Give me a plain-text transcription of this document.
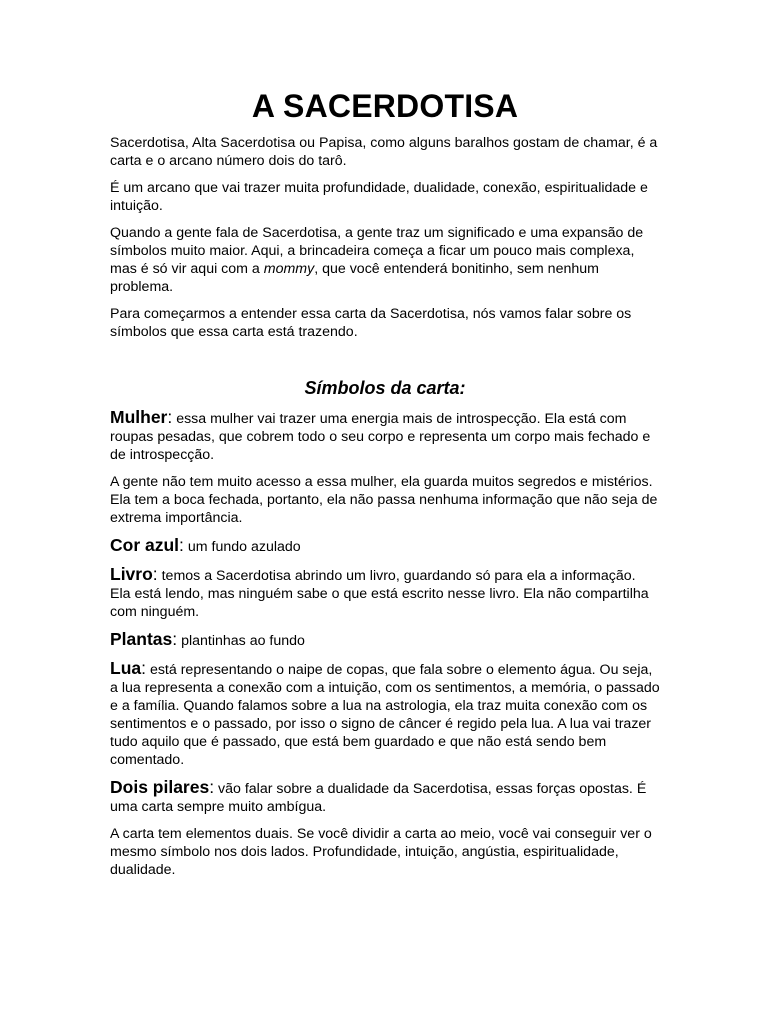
A SACERDOTISA

Sacerdotisa, Alta Sacerdotisa ou Papisa, como alguns baralhos gostam de chamar, é a carta e o arcano número dois do tarô.

É um arcano que vai trazer muita profundidade, dualidade, conexão, espiritualidade e intuição.

Quando a gente fala de Sacerdotisa, a gente traz um significado e uma expansão de símbolos muito maior. Aqui, a brincadeira começa a ficar um pouco mais complexa, mas é só vir aqui com a mommy, que você entenderá bonitinho, sem nenhum problema.

Para começarmos a entender essa carta da Sacerdotisa, nós vamos falar sobre os símbolos que essa carta está trazendo.

Símbolos da carta:

Mulher: essa mulher vai trazer uma energia mais de introspecção. Ela está com roupas pesadas, que cobrem todo o seu corpo e representa um corpo mais fechado e de introspecção.

A gente não tem muito acesso a essa mulher, ela guarda muitos segredos e mistérios. Ela tem a boca fechada, portanto, ela não passa nenhuma informação que não seja de extrema importância.

Cor azul: um fundo azulado

Livro: temos a Sacerdotisa abrindo um livro, guardando só para ela a informação. Ela está lendo, mas ninguém sabe o que está escrito nesse livro. Ela não compartilha com ninguém.

Plantas: plantinhas ao fundo

Lua: está representando o naipe de copas, que fala sobre o elemento água. Ou seja, a lua representa a conexão com a intuição, com os sentimentos, a memória, o passado e a família. Quando falamos sobre a lua na astrologia, ela traz muita conexão com os sentimentos e o passado, por isso o signo de câncer é regido pela lua. A lua vai trazer tudo aquilo que é passado, que está bem guardado e que não está sendo bem comentado.

Dois pilares: vão falar sobre a dualidade da Sacerdotisa, essas forças opostas. É uma carta sempre muito ambígua.

A carta tem elementos duais. Se você dividir a carta ao meio, você vai conseguir ver o mesmo símbolo nos dois lados. Profundidade, intuição, angústia, espiritualidade, dualidade.
